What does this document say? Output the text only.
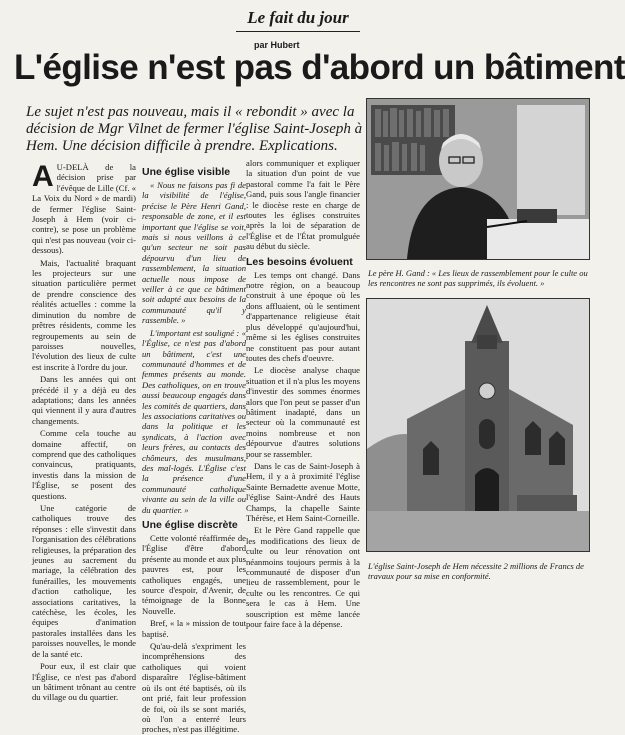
Le fait du jour
par Hubert
L'église n'est pas d'abord un bâtiment
Le sujet n'est pas nouveau, mais il « rebondit » avec la décision de Mgr Vilnet de fermer l'église Saint-Joseph à Hem. Une décision difficile à prendre. Explications.

A U-DELÀ de la décision prise par l'évêque de Lille (Cf. « La Voix du Nord » de mardi) de fermer l'église Saint-Joseph à Hem (voir ci-contre), se pose un problème qui n'est pas nouveau (voir ci-dessous).

Mais, l'actualité braquant les projecteurs sur une situation particulière permet de prendre conscience des réalités actuelles : comme la diminution du nombre de prêtres résidents, comme les regroupements au sein de paroisses nouvelles, l'évolution des lieux de culte est inscrite à l'ordre du jour.

Dans les années qui ont précédé il y a déjà eu des adaptations; dans les années qui viennent il y aura d'autres changements.

Comme cela touche au domaine affectif, on comprend que des catholiques convaincus, pratiquants, investis dans la mission de l'Église, se posent des questions.

Une catégorie de catholiques trouve des réponses : elle s'investit dans l'organisation des célébrations religieuses, la préparation des jeunes au sacrement du mariage, la célébration des funérailles, les mouvements d'action catholique, les associations caritatives, la catéchèse, les écoles, les équipes d'animation pastorales installées dans les paroisses nouvelles, le monde de la santé etc.

Pour eux, il est clair que l'Église, ce n'est pas d'abord un bâtiment trônant au centre du village ou du quartier.

Une église visible

« Nous ne faisons pas fi de la visibilité de l'église, précise le Père Henri Gand, responsable de zone, et il est important que l'église se voit, mais si nous veillons à ce qu'un secteur ne soit pas dépourvu d'un lieu de rassemblement, la situation actuelle nous impose de veiller à ce que ce bâtiment soit adapté aux besoins de la communauté qu'il y rassemble. »

L'important est souligné : « l'Église, ce n'est pas d'abord un bâtiment, c'est une communauté d'hommes et de femmes présents au monde. Des catholiques, on en trouve aussi beaucoup engagés dans les comités de quartiers, dans les associations caritatives ou dans la politique et les syndicats, à l'action avec leurs frères, au contacts des chômeurs, des musulmans, des mal-logés. L'Église c'est la présence d'une communauté catholique vivante au sein de la ville ou du quartier. »

Une église discrète

Cette volonté réaffirmée de l'Église d'être d'abord présente au monde et aux plus pauvres est, pour les catholiques engagés, une source d'espoir, d'Avenir, de témoignage de la Bonne Nouvelle.

Bref, « la » mission de tout baptisé.

Qu'au-delà s'expriment les incompréhensions des catholiques qui voient disparaître l'église-bâtiment où ils ont été baptisés, où ils ont prié, fait leur profession de foi, où ils se sont mariés, où l'on a enterré leurs proches, n'est pas illégitime.

alors communiquer et expliquer la situation d'un point de vue pastoral comme l'a fait le Père Gand, puis sous l'angle financier : le diocèse reste en charge de toutes les églises construites après la loi de séparation de l'Église et de l'État promulguée au début du siècle.

Les besoins évoluent

Les temps ont changé. Dans notre région, on a beaucoup construit à une époque où les dons affluaient, où le sentiment d'appartenance religieuse était plus développé qu'aujourd'hui, même si les églises construites ne constituent pas pour autant toutes des chefs d'oeuvre.

Le diocèse analyse chaque situation et il n'a plus les moyens d'investir des sommes énormes alors que l'on peut se passer d'un bâtiment inadapté, dans un secteur où la communauté est moins nombreuse et non dépourvue d'autres solutions pour se rassembler.

Dans le cas de Saint-Joseph à Hem, il y a à proximité l'église Sainte Bernadette avenue Motte, l'église Saint-André des Hauts Champs, la chapelle Sainte Thérèse, et Hem Saint-Corneille.

Et le Père Gand rappelle que les modifications des lieux de culte ou leur rénovation ont néanmoins toujours permis à la communauté de disposer d'un lieu de rassemblement, pour le culte ou les rencontres. Ce qui sera le cas à Hem. Une souscription est même lancée pour faire face à la dépense.

Le père H. Gand : « Les lieux de rassemblement pour le culte ou les rencontres ne sont pas supprimés, ils évoluent. »
L'église Saint-Joseph de Hem nécessite 2 millions de Francs de travaux pour sa mise en conformité.
